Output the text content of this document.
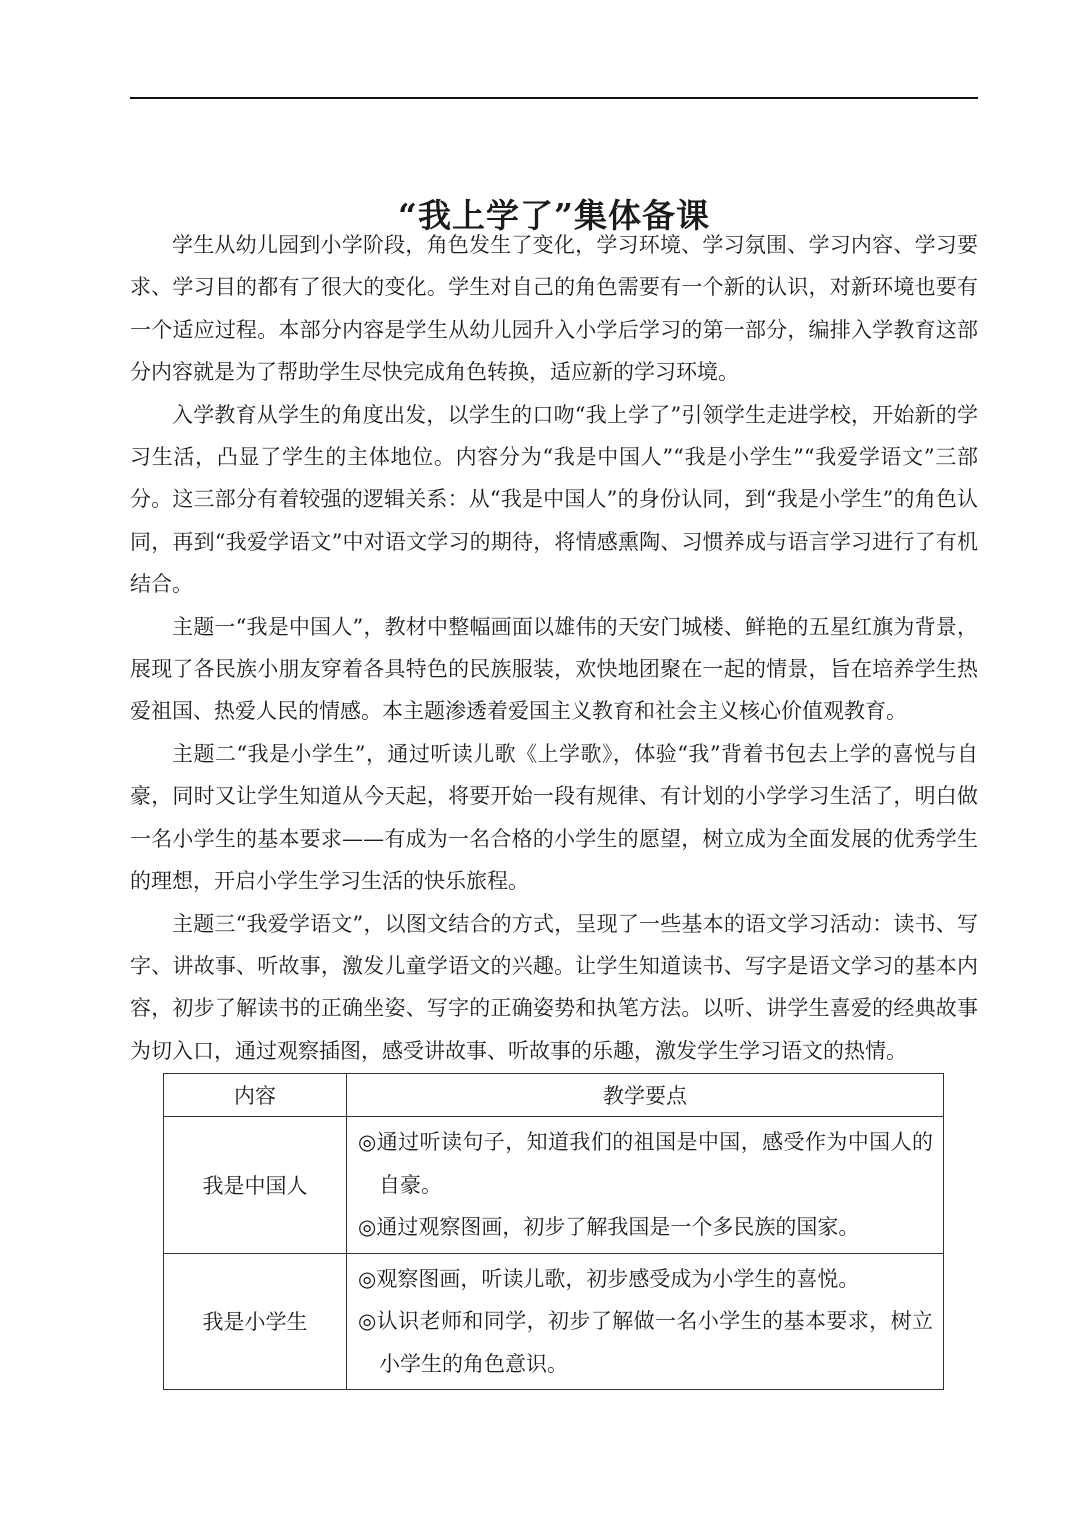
“我上学了”集体备课

学生从幼儿园到小学阶段，角色发生了变化，学习环境、学习氛围、学习内容、学习要求、学习目的都有了很大的变化。学生对自己的角色需要有一个新的认识，对新环境也要有一个适应过程。本部分内容是学生从幼儿园升入小学后学习的第一部分，编排入学教育这部分内容就是为了帮助学生尽快完成角色转换，适应新的学习环境。

入学教育从学生的角度出发，以学生的口吻“我上学了”引领学生走进学校，开始新的学习生活，凸显了学生的主体地位。内容分为“我是中国人”“我是小学生”“我爱学语文”三部分。这三部分有着较强的逻辑关系：从“我是中国人”的身份认同，到“我是小学生”的角色认同，再到“我爱学语文”中对语文学习的期待，将情感熏陶、习惯养成与语言学习进行了有机结合。

主题一“我是中国人”，教材中整幅画面以雄伟的天安门城楼、鲜艳的五星红旗为背景，展现了各民族小朋友穿着各具特色的民族服装，欢快地团聚在一起的情景，旨在培养学生热爱祖国、热爱人民的情感。本主题渗透着爱国主义教育和社会主义核心价值观教育。

主题二“我是小学生”，通过听读儿歌《上学歌》，体验“我”背着书包去上学的喜悦与自豪，同时又让学生知道从今天起，将要开始一段有规律、有计划的小学学习生活了，明白做一名小学生的基本要求——有成为一名合格的小学生的愿望，树立成为全面发展的优秀学生的理想，开启小学生学习生活的快乐旅程。

主题三“我爱学语文”，以图文结合的方式，呈现了一些基本的语文学习活动：读书、写字、讲故事、听故事，激发儿童学语文的兴趣。让学生知道读书、写字是语文学习的基本内容，初步了解读书的正确坐姿、写字的正确姿势和执笔方法。以听、讲学生喜爱的经典故事为切入口，通过观察插图，感受讲故事、听故事的乐趣，激发学生学习语文的热情。

内容	教学要点
我是中国人	◎通过听读句子，知道我们的祖国是中国，感受作为中国人的自豪。
◎通过观察图画，初步了解我国是一个多民族的国家。

我是小学生	◎观察图画，听读儿歌，初步感受成为小学生的喜悦。
◎认识老师和同学，初步了解做一名小学生的基本要求，树立小学生的角色意识。
